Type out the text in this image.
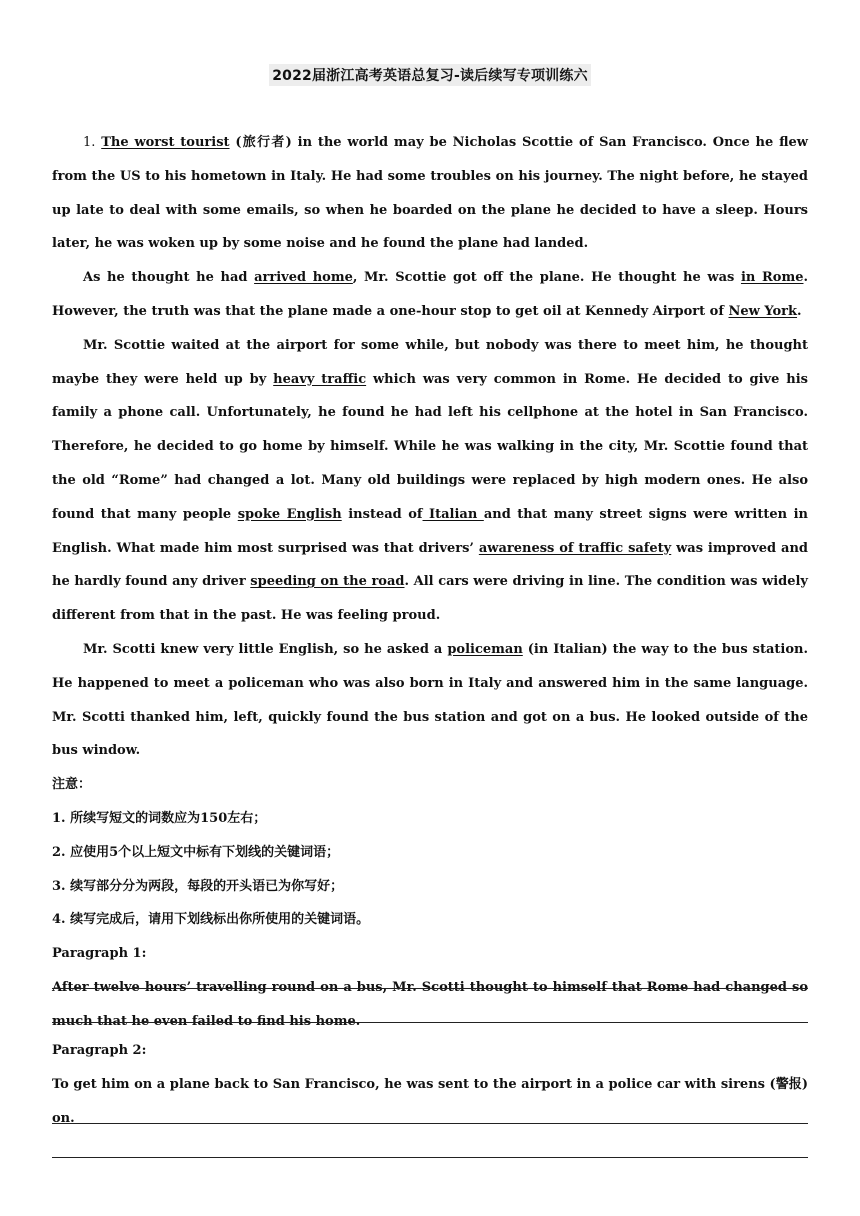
2022届浙江高考英语总复习-读后续写专项训练六

1. The worst tourist (旅行者) in the world may be Nicholas Scottie of San Francisco. Once he flew from the US to his hometown in Italy. He had some troubles on his journey. The night before, he stayed up late to deal with some emails, so when he boarded on the plane he decided to have a sleep. Hours later, he was woken up by some noise and he found the plane had landed.

As he thought he had arrived home, Mr. Scottie got off the plane. He thought he was in Rome. However, the truth was that the plane made a one-hour stop to get oil at Kennedy Airport of New York.

Mr. Scottie waited at the airport for some while, but nobody was there to meet him, he thought maybe they were held up by heavy traffic which was very common in Rome. He decided to give his family a phone call. Unfortunately, he found he had left his cellphone at the hotel in San Francisco. Therefore, he decided to go home by himself. While he was walking in the city, Mr. Scottie found that the old “Rome” had changed a lot. Many old buildings were replaced by high modern ones. He also found that many people spoke English instead of Italian and that many street signs were written in English. What made him most surprised was that drivers’ awareness of traffic safety was improved and he hardly found any driver speeding on the road. All cars were driving in line. The condition was widely different from that in the past. He was feeling proud.

Mr. Scotti knew very little English, so he asked a policeman (in Italian) the way to the bus station. He happened to meet a policeman who was also born in Italy and answered him in the same language. Mr. Scotti thanked him, left, quickly found the bus station and got on a bus. He looked outside of the bus window.

注意：

1. 所续写短文的词数应为150左右；

2. 应使用5个以上短文中标有下划线的关键词语；

3. 续写部分分为两段，每段的开头语已为你写好；

4. 续写完成后，请用下划线标出你所使用的关键词语。

Paragraph 1:

After twelve hours’ travelling round on a bus, Mr. Scotti thought to himself that Rome had changed so much that he even failed to find his home.

Paragraph 2:

To get him on a plane back to San Francisco, he was sent to the airport in a police car with sirens (警报) on.
